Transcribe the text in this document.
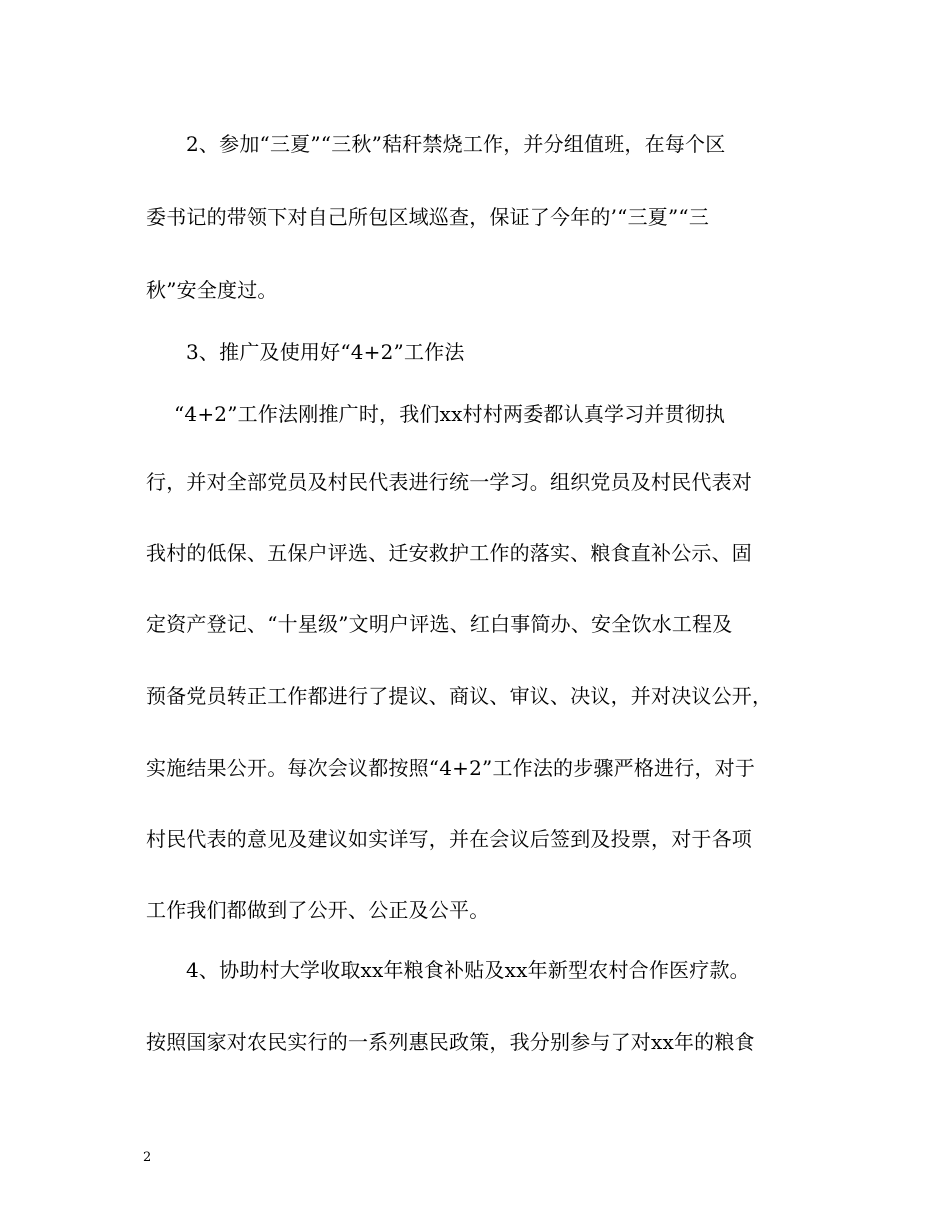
2、参加“三夏”“三秋”秸秆禁烧工作，并分组值班，在每个区
委书记的带领下对自己所包区域巡查，保证了今年的’“三夏”“三
秋”安全度过。
3、推广及使用好“4+2”工作法
“4+2”工作法刚推广时，我们xx村村两委都认真学习并贯彻执
行，并对全部党员及村民代表进行统一学习。组织党员及村民代表对
我村的低保、五保户评选、迁安救护工作的落实、粮食直补公示、固
定资产登记、“十星级”文明户评选、红白事简办、安全饮水工程及
预备党员转正工作都进行了提议、商议、审议、决议，并对决议公开，
实施结果公开。每次会议都按照“4+2”工作法的步骤严格进行，对于
村民代表的意见及建议如实详写，并在会议后签到及投票，对于各项
工作我们都做到了公开、公正及公平。
4、协助村大学收取xx年粮食补贴及xx年新型农村合作医疗款。
按照国家对农民实行的一系列惠民政策，我分别参与了对xx年的粮食
2
